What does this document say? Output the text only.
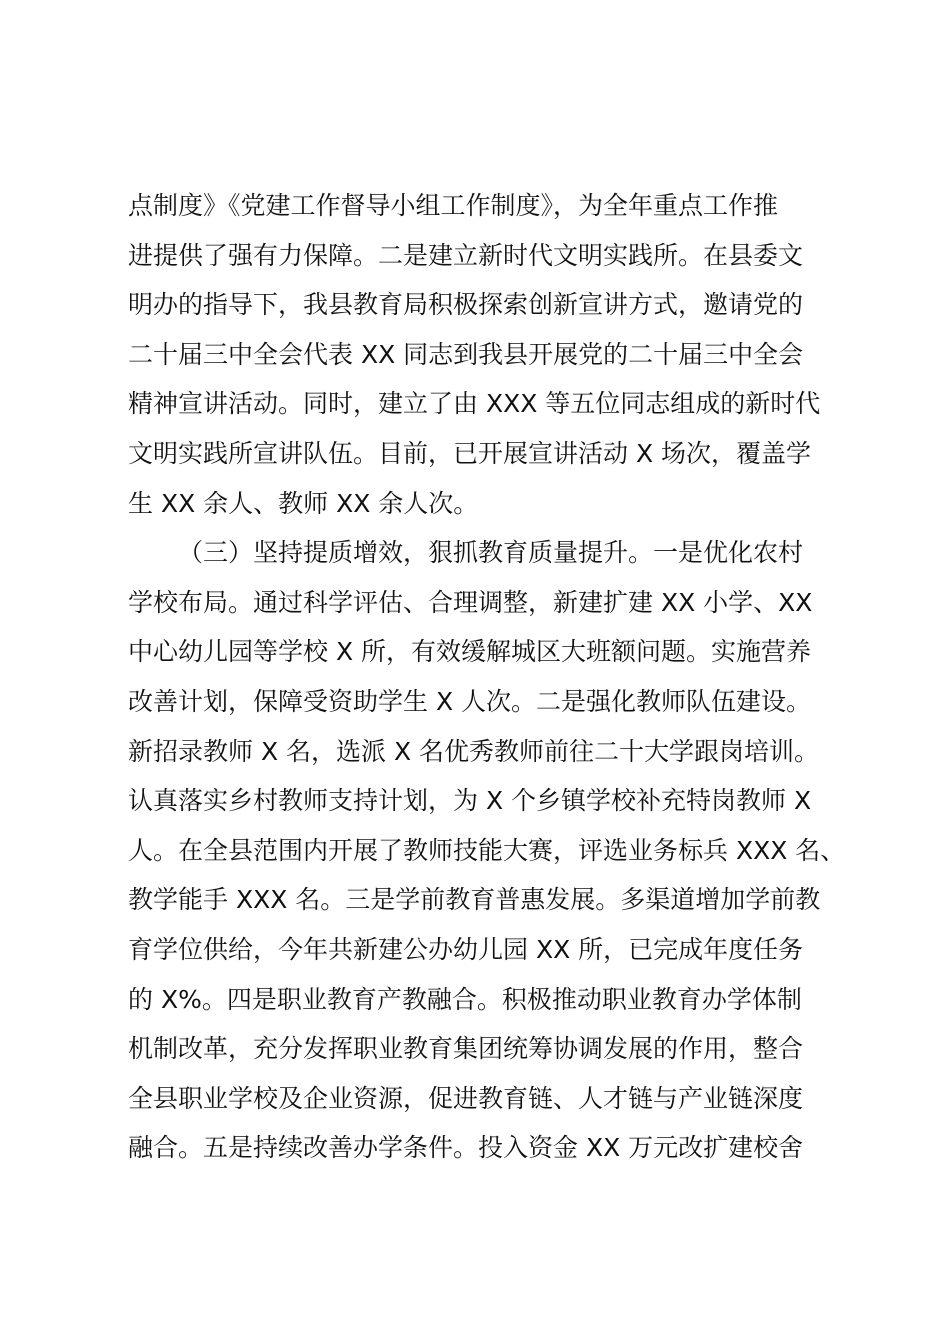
点制度》《党建工作督导小组工作制度》，为全年重点工作推
进提供了强有力保障。二是建立新时代文明实践所。在县委文
明办的指导下，我县教育局积极探索创新宣讲方式，邀请党的
二十届三中全会代表 XX 同志到我县开展党的二十届三中全会
精神宣讲活动。同时，建立了由 XXX 等五位同志组成的新时代
文明实践所宣讲队伍。目前，已开展宣讲活动 X 场次，覆盖学
生 XX 余人、教师 XX 余人次。
（三）坚持提质增效，狠抓教育质量提升。一是优化农村
学校布局。通过科学评估、合理调整，新建扩建 XX 小学、XX
中心幼儿园等学校 X 所，有效缓解城区大班额问题。实施营养
改善计划，保障受资助学生 X 人次。二是强化教师队伍建设。
新招录教师 X 名，选派 X 名优秀教师前往二十大学跟岗培训。
认真落实乡村教师支持计划，为 X 个乡镇学校补充特岗教师 X
人。在全县范围内开展了教师技能大赛，评选业务标兵 XXX 名、
教学能手 XXX 名。三是学前教育普惠发展。多渠道增加学前教
育学位供给，今年共新建公办幼儿园 XX 所，已完成年度任务
的 X%。四是职业教育产教融合。积极推动职业教育办学体制
机制改革，充分发挥职业教育集团统筹协调发展的作用，整合
全县职业学校及企业资源，促进教育链、人才链与产业链深度
融合。五是持续改善办学条件。投入资金 XX 万元改扩建校舍
